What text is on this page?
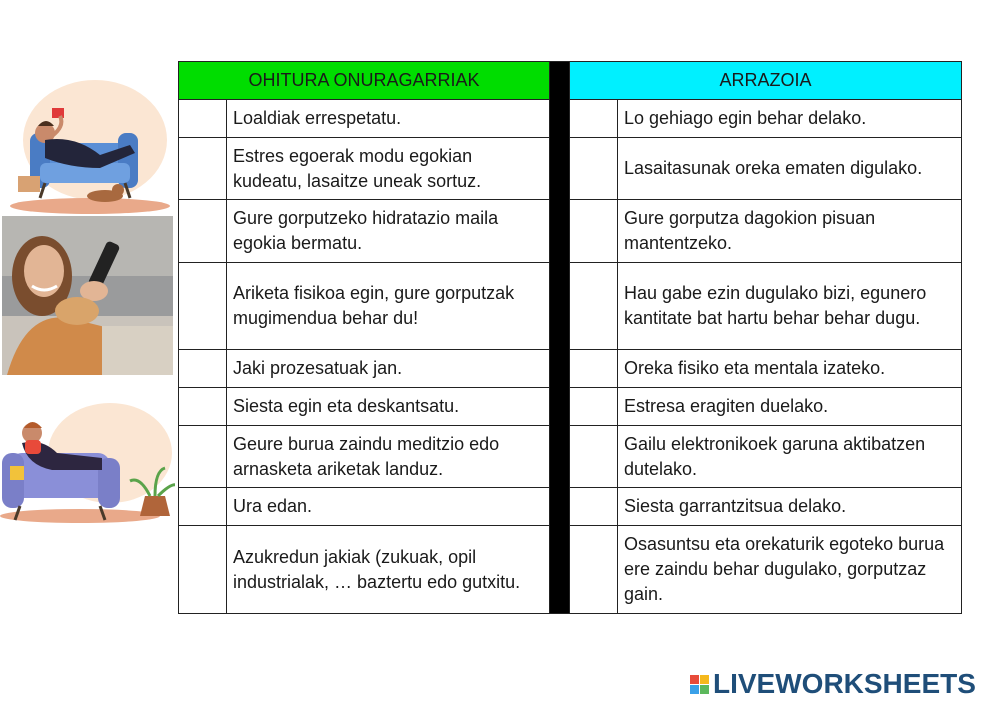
OHITURA ONURAGARRIAK			ARRAZOIA	
	Loaldiak errespetatu.			Lo gehiago egin behar delako.
	Estres egoerak modu egokian kudeatu, lasaitze uneak sortuz.			Lasaitasunak oreka ematen digulako.
	Gure gorputzeko hidratazio maila egokia bermatu.			Gure gorputza dagokion pisuan mantentzeko.
	Ariketa fisikoa egin, gure gorputzak mugimendua behar du!			Hau gabe ezin dugulako bizi, egunero kantitate bat hartu behar behar dugu.
	Jaki prozesatuak jan.			Oreka fisiko eta mentala izateko.
	Siesta egin eta deskantsatu.			Estresa eragiten duelako.
	Geure burua zaindu meditzio edo arnasketa ariketak landuz.			Gailu elektronikoek garuna aktibatzen dutelako.
	Ura edan.			Siesta garrantzitsua delako.
	Azukredun jakiak (zukuak, opil industrialak, … baztertu edo gutxitu.			Osasuntsu eta orekaturik egoteko burua ere zaindu behar dugulako, gorputzaz gain.
LIVEWORKSHEETS
